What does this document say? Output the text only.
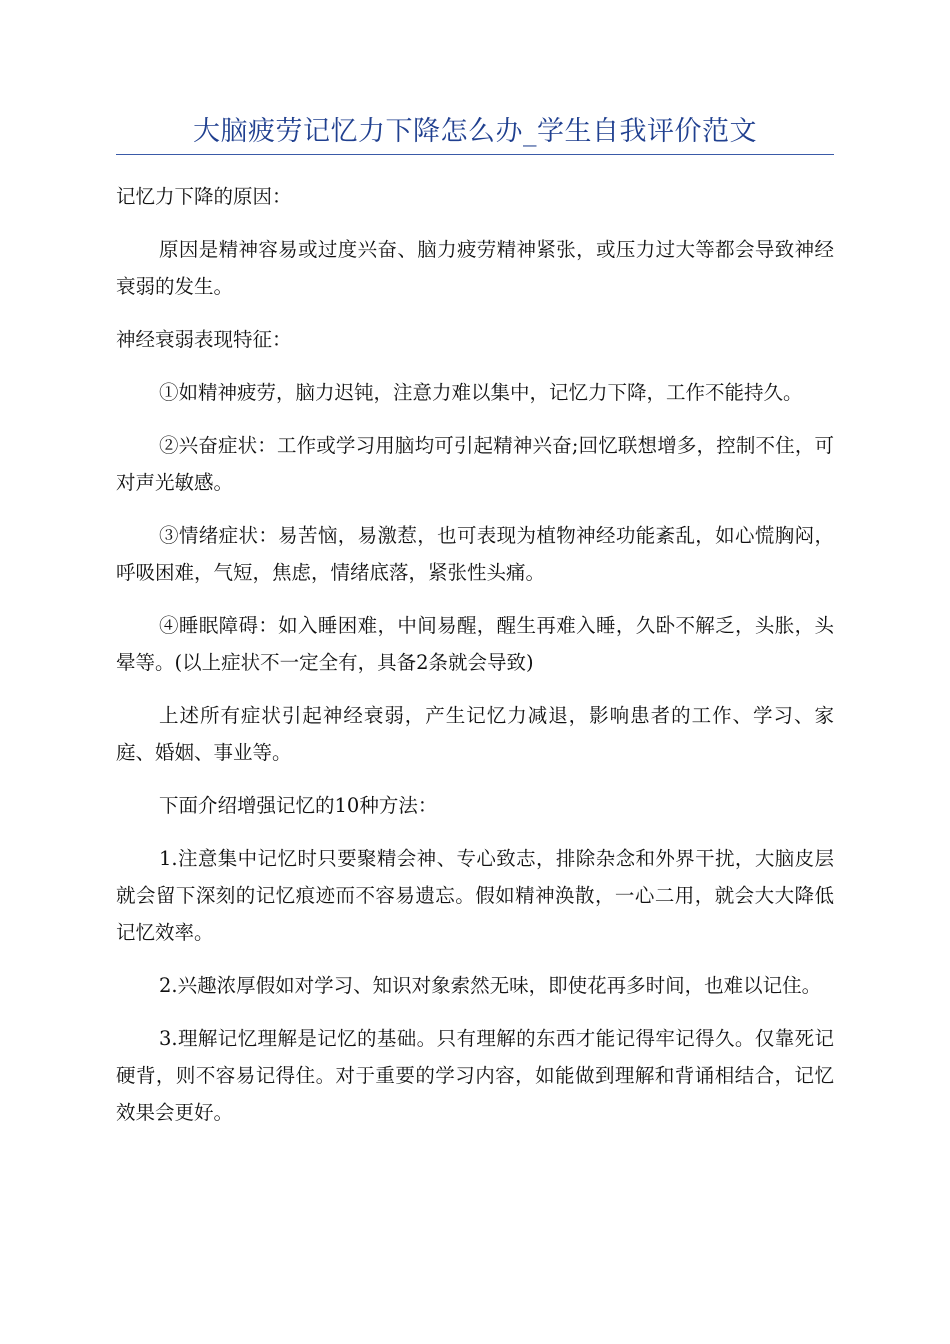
大脑疲劳记忆力下降怎么办_学生自我评价范文

记忆力下降的原因：

原因是精神容易或过度兴奋、脑力疲劳精神紧张，或压力过大等都会导致神经衰弱的发生。

神经衰弱表现特征：

①如精神疲劳，脑力迟钝，注意力难以集中，记忆力下降，工作不能持久。

②兴奋症状：工作或学习用脑均可引起精神兴奋;回忆联想增多，控制不住，可对声光敏感。

③情绪症状：易苦恼，易激惹，也可表现为植物神经功能紊乱，如心慌胸闷，呼吸困难，气短，焦虑，情绪底落，紧张性头痛。

④睡眠障碍：如入睡困难，中间易醒，醒生再难入睡，久卧不解乏，头胀，头晕等。(以上症状不一定全有，具备2条就会导致)

上述所有症状引起神经衰弱，产生记忆力减退，影响患者的工作、学习、家庭、婚姻、事业等。

下面介绍增强记忆的10种方法：

1.注意集中记忆时只要聚精会神、专心致志，排除杂念和外界干扰，大脑皮层就会留下深刻的记忆痕迹而不容易遗忘。假如精神涣散，一心二用，就会大大降低记忆效率。

2.兴趣浓厚假如对学习、知识对象索然无味，即使花再多时间，也难以记住。

3.理解记忆理解是记忆的基础。只有理解的东西才能记得牢记得久。仅靠死记硬背，则不容易记得住。对于重要的学习内容，如能做到理解和背诵相结合，记忆效果会更好。
